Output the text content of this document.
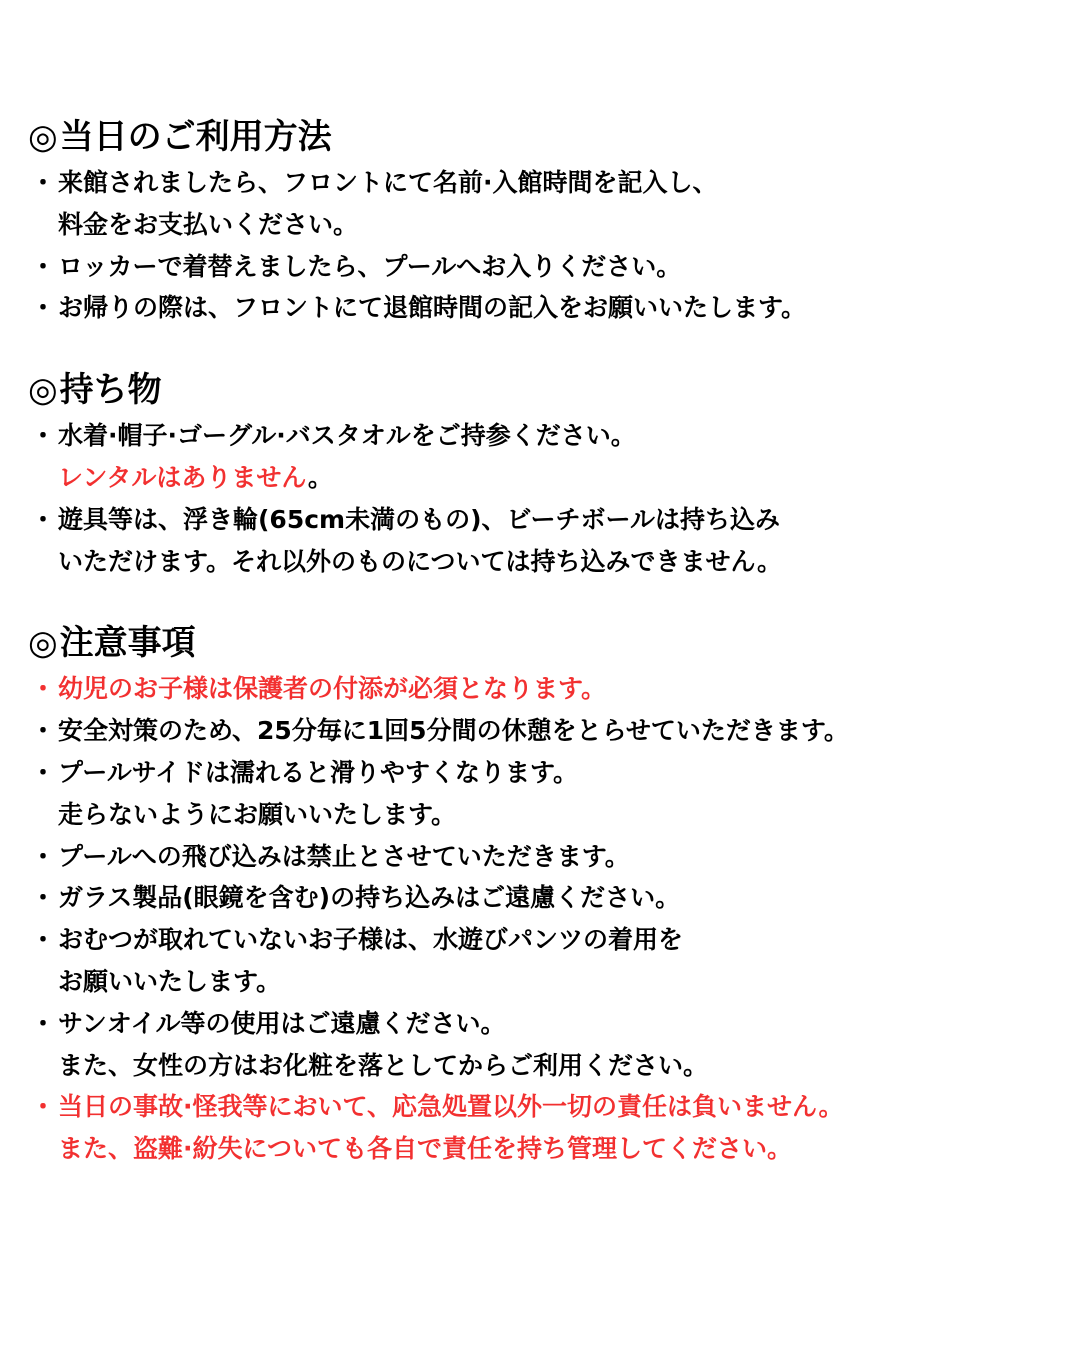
◎当日のご利用方法
・ 来館されましたら、フロントにて名前·入館時間を記入し、
料金をお支払いください。
・ ロッカーで着替えましたら、プールへお入りください。
・ お帰りの際は、フロントにて退館時間の記入をお願いいたします。
◎持ち物
・ 水着·帽子·ゴーグル·バスタオルをご持参ください。
レンタルはありません。
・ 遊具等は、浮き輪(65cm未満のもの)、ビーチボールは持ち込み
いただけます。それ以外のものについては持ち込みできません。
◎注意事項
・ 幼児のお子様は保護者の付添が必須となります。
・ 安全対策のため、25分毎に1回5分間の休憩をとらせていただきます。
・ プールサイドは濡れると滑りやすくなります。
走らないようにお願いいたします。
・ プールへの飛び込みは禁止とさせていただきます。
・ ガラス製品(眼鏡を含む)の持ち込みはご遠慮ください。
・ おむつが取れていないお子様は、水遊びパンツの着用を
お願いいたします。
・ サンオイル等の使用はご遠慮ください。
また、女性の方はお化粧を落としてからご利用ください。
・ 当日の事故·怪我等において、応急処置以外一切の責任は負いません。
また、盗難·紛失についても各自で責任を持ち管理してください。
